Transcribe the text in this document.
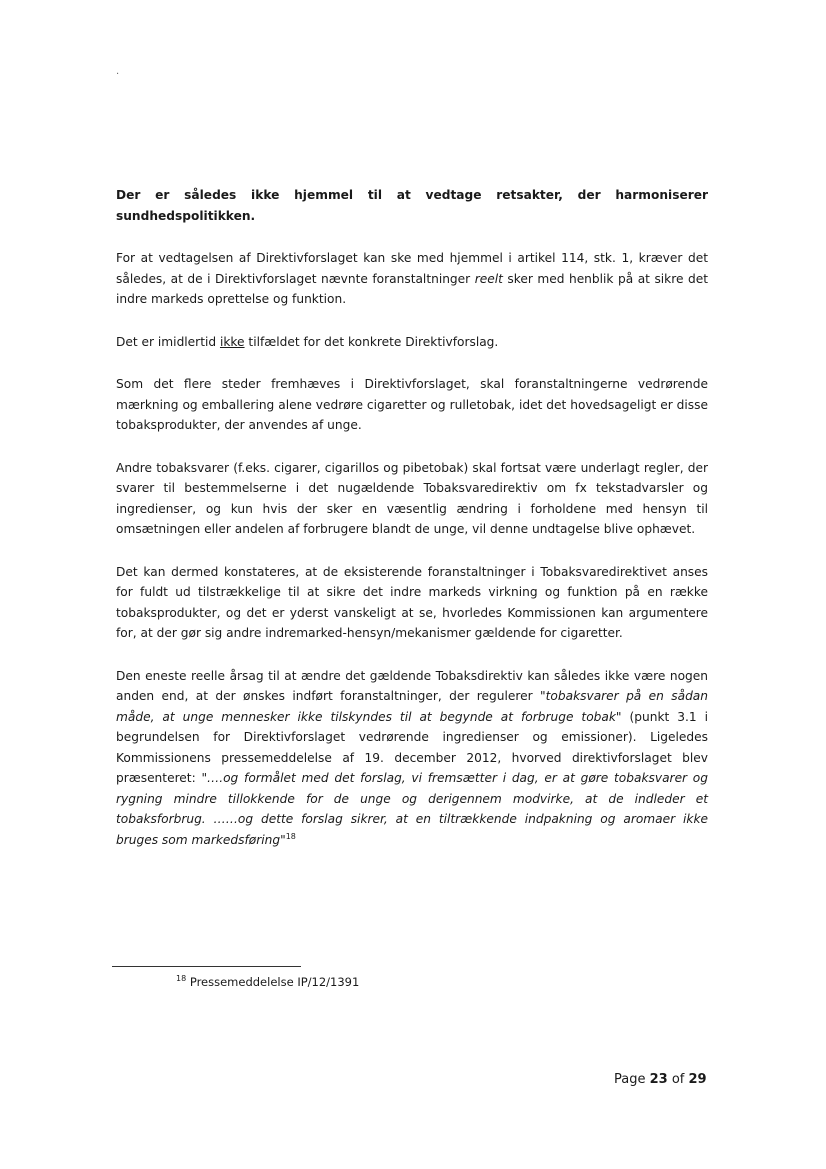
.

Der er således ikke hjemmel til at vedtage retsakter, der harmoniserer sundhedspolitikken.

For at vedtagelsen af Direktivforslaget kan ske med hjemmel i artikel 114, stk. 1, kræver det således, at de i Direktivforslaget nævnte foranstaltninger reelt sker med henblik på at sikre det indre markeds oprettelse og funktion.

Det er imidlertid ikke tilfældet for det konkrete Direktivforslag.

Som det flere steder fremhæves i Direktivforslaget, skal foranstaltningerne vedrørende mærkning og emballering alene vedrøre cigaretter og rulletobak, idet det hovedsageligt er disse tobaksprodukter, der anvendes af unge.

Andre tobaksvarer (f.eks. cigarer, cigarillos og pibetobak) skal fortsat være underlagt regler, der svarer til bestemmelserne i det nugældende Tobaksvaredirektiv om fx tekstadvarsler og ingredienser, og kun hvis der sker en væsentlig ændring i forholdene med hensyn til omsætningen eller andelen af forbrugere blandt de unge, vil denne undtagelse blive ophævet.

Det kan dermed konstateres, at de eksisterende foranstaltninger i Tobaksvaredirektivet anses for fuldt ud tilstrækkelige til at sikre det indre markeds virkning og funktion på en række tobaksprodukter, og det er yderst vanskeligt at se, hvorledes Kommissionen kan argumentere for, at der gør sig andre indremarked-hensyn/mekanismer gældende for cigaretter.

Den eneste reelle årsag til at ændre det gældende Tobaksdirektiv kan således ikke være nogen anden end, at der ønskes indført foranstaltninger, der regulerer "tobaksvarer på en sådan måde, at unge mennesker ikke tilskyndes til at begynde at forbruge tobak" (punkt 3.1 i begrundelsen for Direktivforslaget vedrørende ingredienser og emissioner). Ligeledes Kommissionens pressemeddelelse af 19. december 2012, hvorved direktivforslaget blev præsenteret: "….og formålet med det forslag, vi fremsætter i dag, er at gøre tobaksvarer og rygning mindre tillokkende for de unge og derigennem modvirke, at de indleder et tobaksforbrug. ……og dette forslag sikrer, at en tiltrækkende indpakning og aromaer ikke bruges som markedsføring"$^{18}$

$^{18}$ Pressemeddelelse IP/12/1391
Page 23 of 29
